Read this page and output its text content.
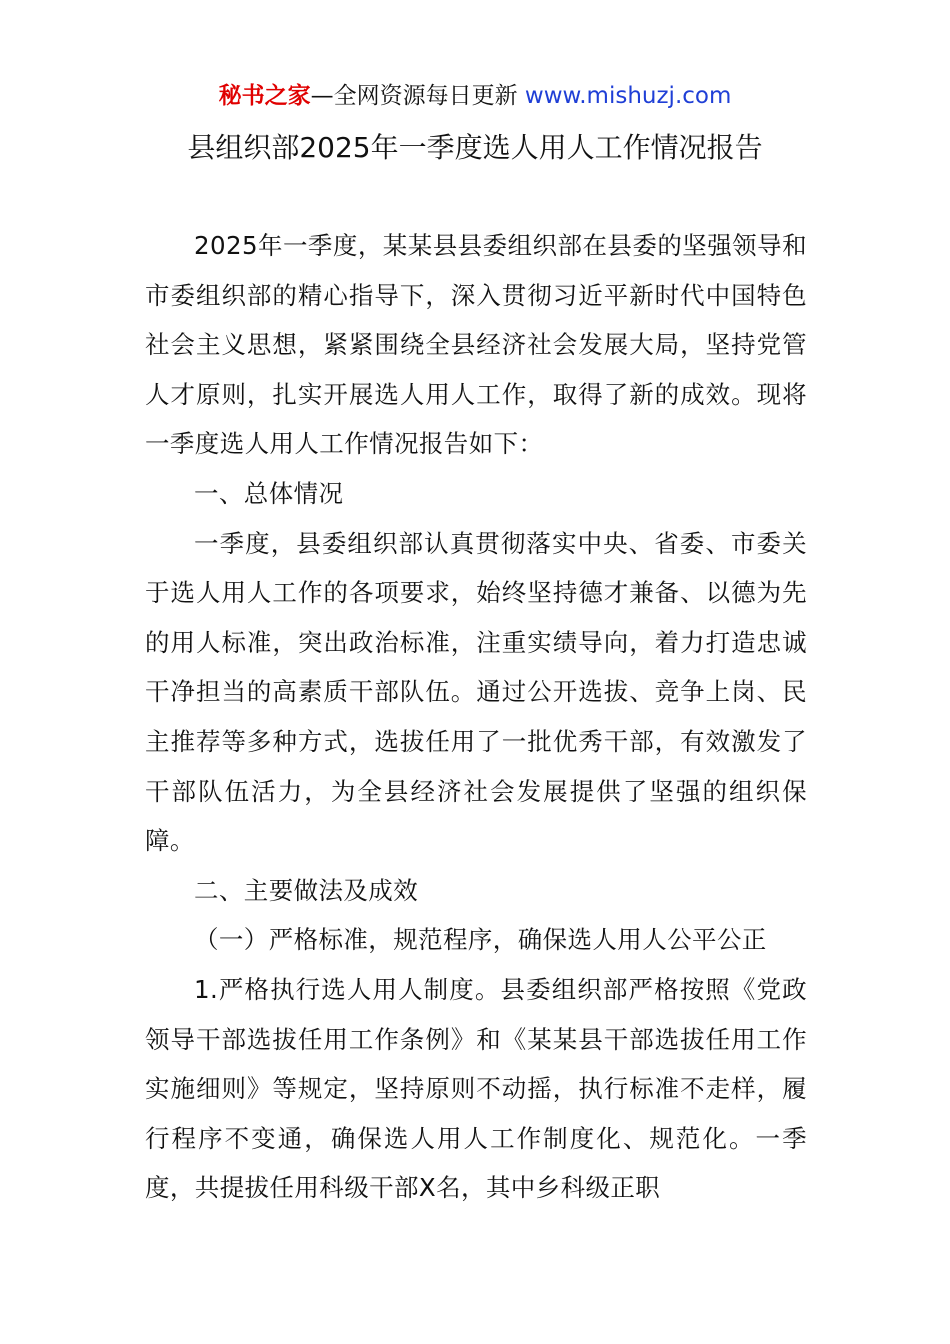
秘书之家—全网资源每日更新 www.mishuzj.com
县组织部2025年一季度选人用人工作情况报告

2025年一季度，某某县县委组织部在县委的坚强领导和市委组织部的精心指导下，深入贯彻习近平新时代中国特色社会主义思想，紧紧围绕全县经济社会发展大局，坚持党管人才原则，扎实开展选人用人工作，取得了新的成效。现将一季度选人用人工作情况报告如下：

一、总体情况

一季度，县委组织部认真贯彻落实中央、省委、市委关于选人用人工作的各项要求，始终坚持德才兼备、以德为先的用人标准，突出政治标准，注重实绩导向，着力打造忠诚干净担当的高素质干部队伍。通过公开选拔、竞争上岗、民主推荐等多种方式，选拔任用了一批优秀干部，有效激发了干部队伍活力，为全县经济社会发展提供了坚强的组织保障。

二、主要做法及成效

（一）严格标准，规范程序，确保选人用人公平公正

1.严格执行选人用人制度。县委组织部严格按照《党政领导干部选拔任用工作条例》和《某某县干部选拔任用工作实施细则》等规定，坚持原则不动摇，执行标准不走样，履行程序不变通，确保选人用人工作制度化、规范化。一季度，共提拔任用科级干部X名，其中乡科级正职
